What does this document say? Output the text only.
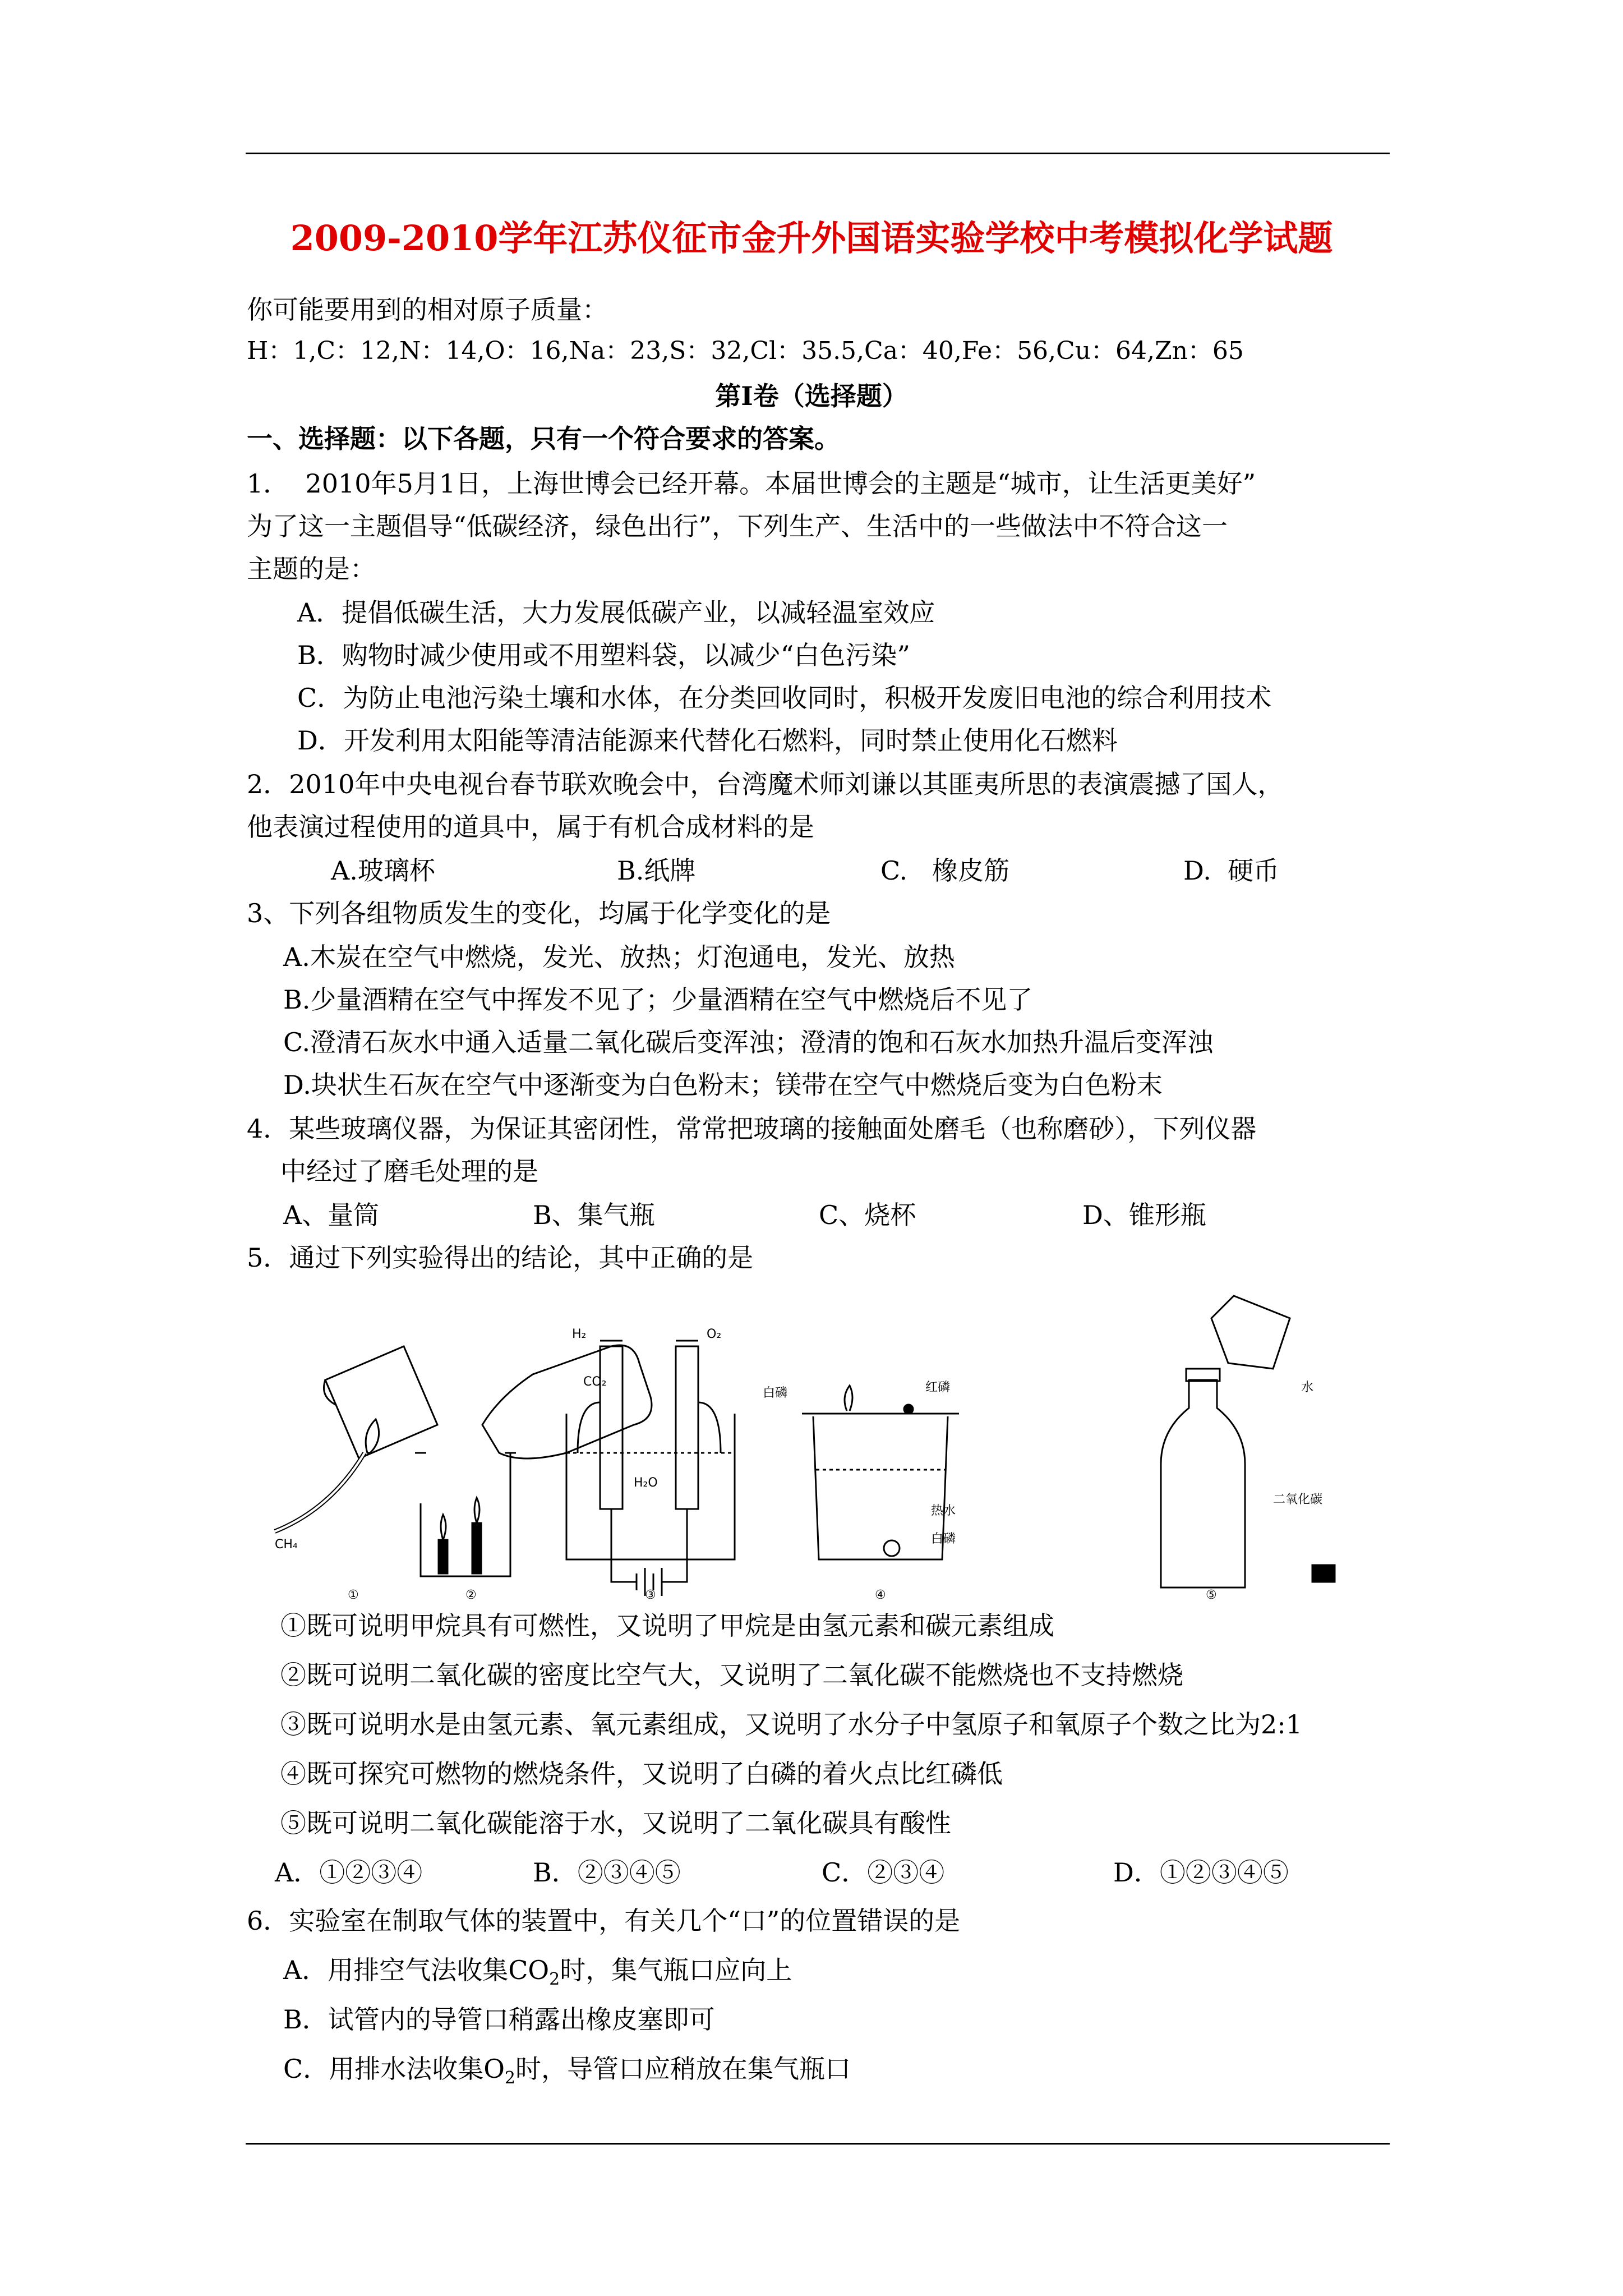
2009-2010学年江苏仪征市金升外国语实验学校中考模拟化学试题
你可能要用到的相对原子质量：
H：1,C：12,N：14,O：16,Na：23,S：32,Cl：35.5,Ca：40,Fe：56,Cu：64,Zn：65
第Ⅰ卷（选择题）
一、选择题：以下各题，只有一个符合要求的答案。
1．  2010年5月1日，上海世博会已经开幕。本届世博会的主题是“城市，让生活更美好”
为了这一主题倡导“低碳经济，绿色出行”，下列生产、生活中的一些做法中不符合这一
主题的是：
A．提倡低碳生活，大力发展低碳产业，以减轻温室效应
B．购物时减少使用或不用塑料袋，以减少“白色污染”
C．为防止电池污染土壤和水体，在分类回收同时，积极开发废旧电池的综合利用技术
D．开发利用太阳能等清洁能源来代替化石燃料，同时禁止使用化石燃料
2．2010年中央电视台春节联欢晚会中，台湾魔术师刘谦以其匪夷所思的表演震撼了国人，
他表演过程使用的道具中，属于有机合成材料的是
A.玻璃杯	B.纸牌	C.   橡皮筋	D.  硬币
3、下列各组物质发生的变化，均属于化学变化的是
A.木炭在空气中燃烧，发光、放热；灯泡通电，发光、放热
B.少量酒精在空气中挥发不见了；少量酒精在空气中燃烧后不见了
C.澄清石灰水中通入适量二氧化碳后变浑浊；澄清的饱和石灰水加热升温后变浑浊
D.块状生石灰在空气中逐渐变为白色粉末；镁带在空气中燃烧后变为白色粉末
4．某些玻璃仪器，为保证其密闭性，常常把玻璃的接触面处磨毛（也称磨砂），下列仪器
中经过了磨毛处理的是
A、量筒	B、集气瓶	C、烧杯	D、锥形瓶
5．通过下列实验得出的结论，其中正确的是
CH₄
CO₂
H₂	O₂
H₂O
白磷	红磷
热水
白磷
水
二氧化碳
①	②	③	④	⑤
①既可说明甲烷具有可燃性，又说明了甲烷是由氢元素和碳元素组成
②既可说明二氧化碳的密度比空气大，又说明了二氧化碳不能燃烧也不支持燃烧
③既可说明水是由氢元素、氧元素组成，又说明了水分子中氢原子和氧原子个数之比为2:1
④既可探究可燃物的燃烧条件，又说明了白磷的着火点比红磷低
⑤既可说明二氧化碳能溶于水，又说明了二氧化碳具有酸性
A．①②③④	B．②③④⑤	C．②③④	D．①②③④⑤
6．实验室在制取气体的装置中，有关几个“口”的位置错误的是
A．用排空气法收集$CO_2$时，集气瓶口应向上
B．试管内的导管口稍露出橡皮塞即可
C．用排水法收集$O_2$时，导管口应稍放在集气瓶口
